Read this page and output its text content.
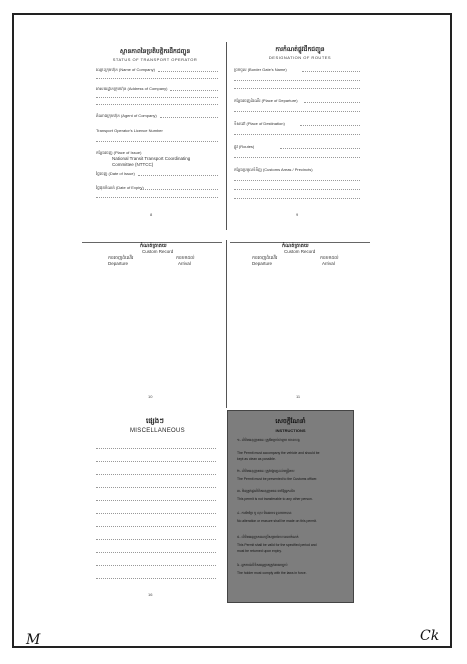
ស្ថានភាពនៃប្រតិបត្តិករដឹកជញ្ជូន
STATUS OF TRANSPORT OPERATOR
ឈ្មោះក្រុមហ៊ុន (Name of Company)
អាសយដ្ឋានក្រុមហ៊ុន (Address of Company)
តំណាងក្រុមហ៊ុន (Agent of Company)
Transport Operator's Licence Number
កន្លែងចេញ (Place of Issue)
National Transit Transport Coordinating
Committee (NTTCC)
ថ្ងៃចេញ (Date of Issue)
ថ្ងៃផុតកំណត់ (Date of Expiry)
8
ការកំណត់ផ្លូវដឹកជញ្ជូន
DESIGNATION OF ROUTES
ច្រកចូល (Border Gate's Name)
កន្លែងចេញដំណើរ (Place of Departure)
ទិសដៅ (Place of Destination)
ផ្លូវ (Routes)
កន្លែងប្រមូលទំនិញ (Customs Areas / Precincts)
9
កំណត់ត្រាគយ
Custom Record
ការចេញដំណើរ
Departure
ការមកដល់
Arrival
10
កំណត់ត្រាគយ
Custom Record
ការចេញដំណើរ
Departure
ការមកដល់
Arrival
11
ផ្សេងៗ
MISCELLANEOUS
16
សេចក្តីណែនាំ
INSTRUCTIONS
១- លិខិតអនុញ្ញាតនេះ ត្រូវតែភ្ជាប់ជាមួយ យានយន្ត
The Permit must accompany the vehicle and should be
kept as clean as possible.
២- លិខិតអនុញ្ញាតនេះ ត្រូវបង្ហាញដល់មន្ត្រីគយ
The Permit must be presented to the Customs officer.
៣- មិនត្រូវផ្ទេរលិខិតអនុញ្ញាតនេះទៅឱ្យអ្នកដទៃ
This permit is not transferable to any other person.
៤- ការកែប្រែ ឬ លុប មិនអាចទទួលយកបាន
No alteration or erasure shall be made on this permit.
៥- លិខិតអនុញ្ញាតនេះប្រើសម្រាប់រយៈពេលកំណត់
This Permit shall be valid for the specified period and
must be returned upon expiry.
៦- អ្នកកាន់លិខិតអនុញ្ញាតត្រូវគោរពច្បាប់
The holder must comply with the laws in force.
M	Ck
